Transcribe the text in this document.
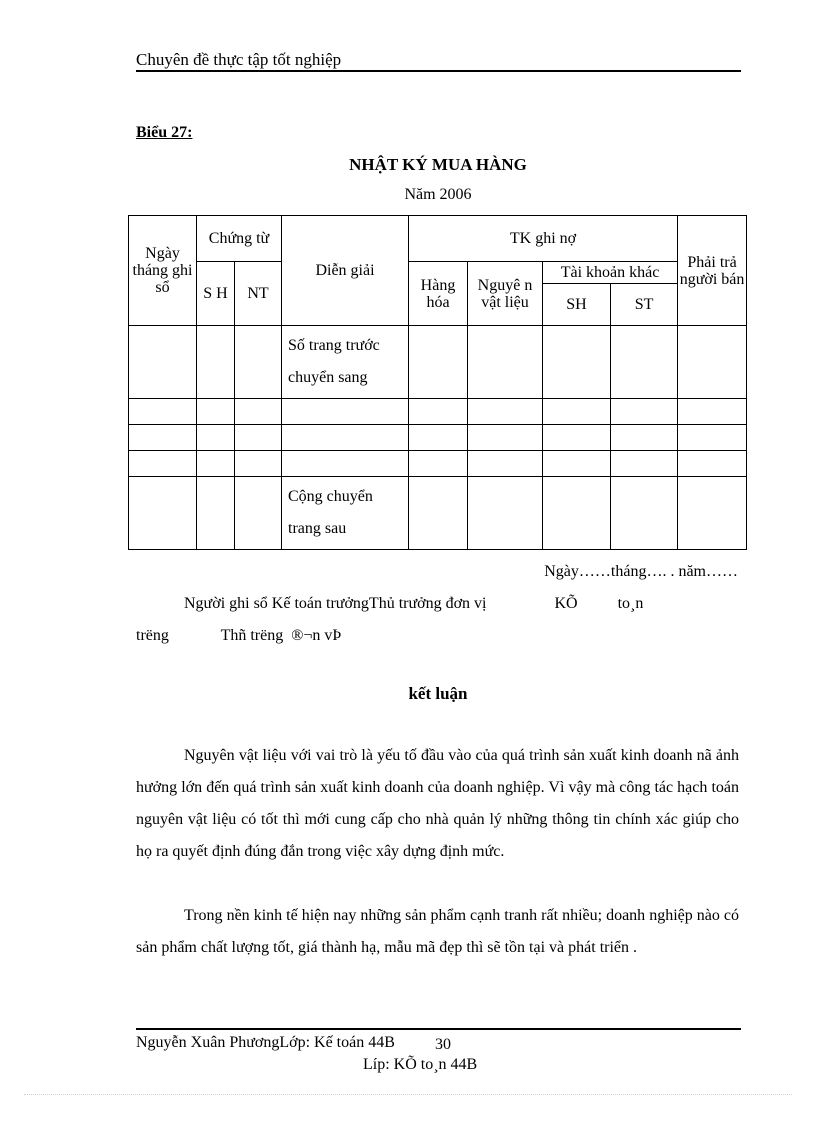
Chuyên đề thực tập tốt nghiệp
Biểu 27:
NHẬT KÝ MUA HÀNG
Năm 2006
Ngày tháng ghi sổ	Chứng từ		Diễn giải	TK ghi nợ				Phải trả người bán
	S H	NT		Hàng hóa	Nguyê n vật liệu	Tài khoản khác		
						SH	ST	
			Số trang trước chuyển sang					

			Cộng chuyển trang sau					
Ngày……tháng…. . năm……
Người ghi sổ Kế toán trưởngThủ trưởng đơn vị                 KÕ          to¸n
trëng             Thñ trëng  ®¬n vÞ
kết luận
Nguyên vật liệu với vai trò là yếu tố đầu vào của quá trình sản xuất kinh doanh nã ảnh hưởng lớn đến quá trình sản xuất kinh doanh của doanh nghiệp. Vì vậy mà công tác hạch toán nguyên vật liệu có tốt thì mới cung cấp cho nhà quản lý những thông tin chính xác giúp cho họ ra quyết định đúng đắn trong việc xây dựng định mức.
Trong nền kinh tế hiện nay những sản phẩm cạnh tranh rất nhiều; doanh nghiệp nào có sản phẩm chất lượng tốt, giá thành hạ, mẫu mã đẹp thì sẽ tồn tại và phát triển .
Nguyễn Xuân PhươngLớp: Kế toán 44B	30
Líp: KÕ to¸n 44B
